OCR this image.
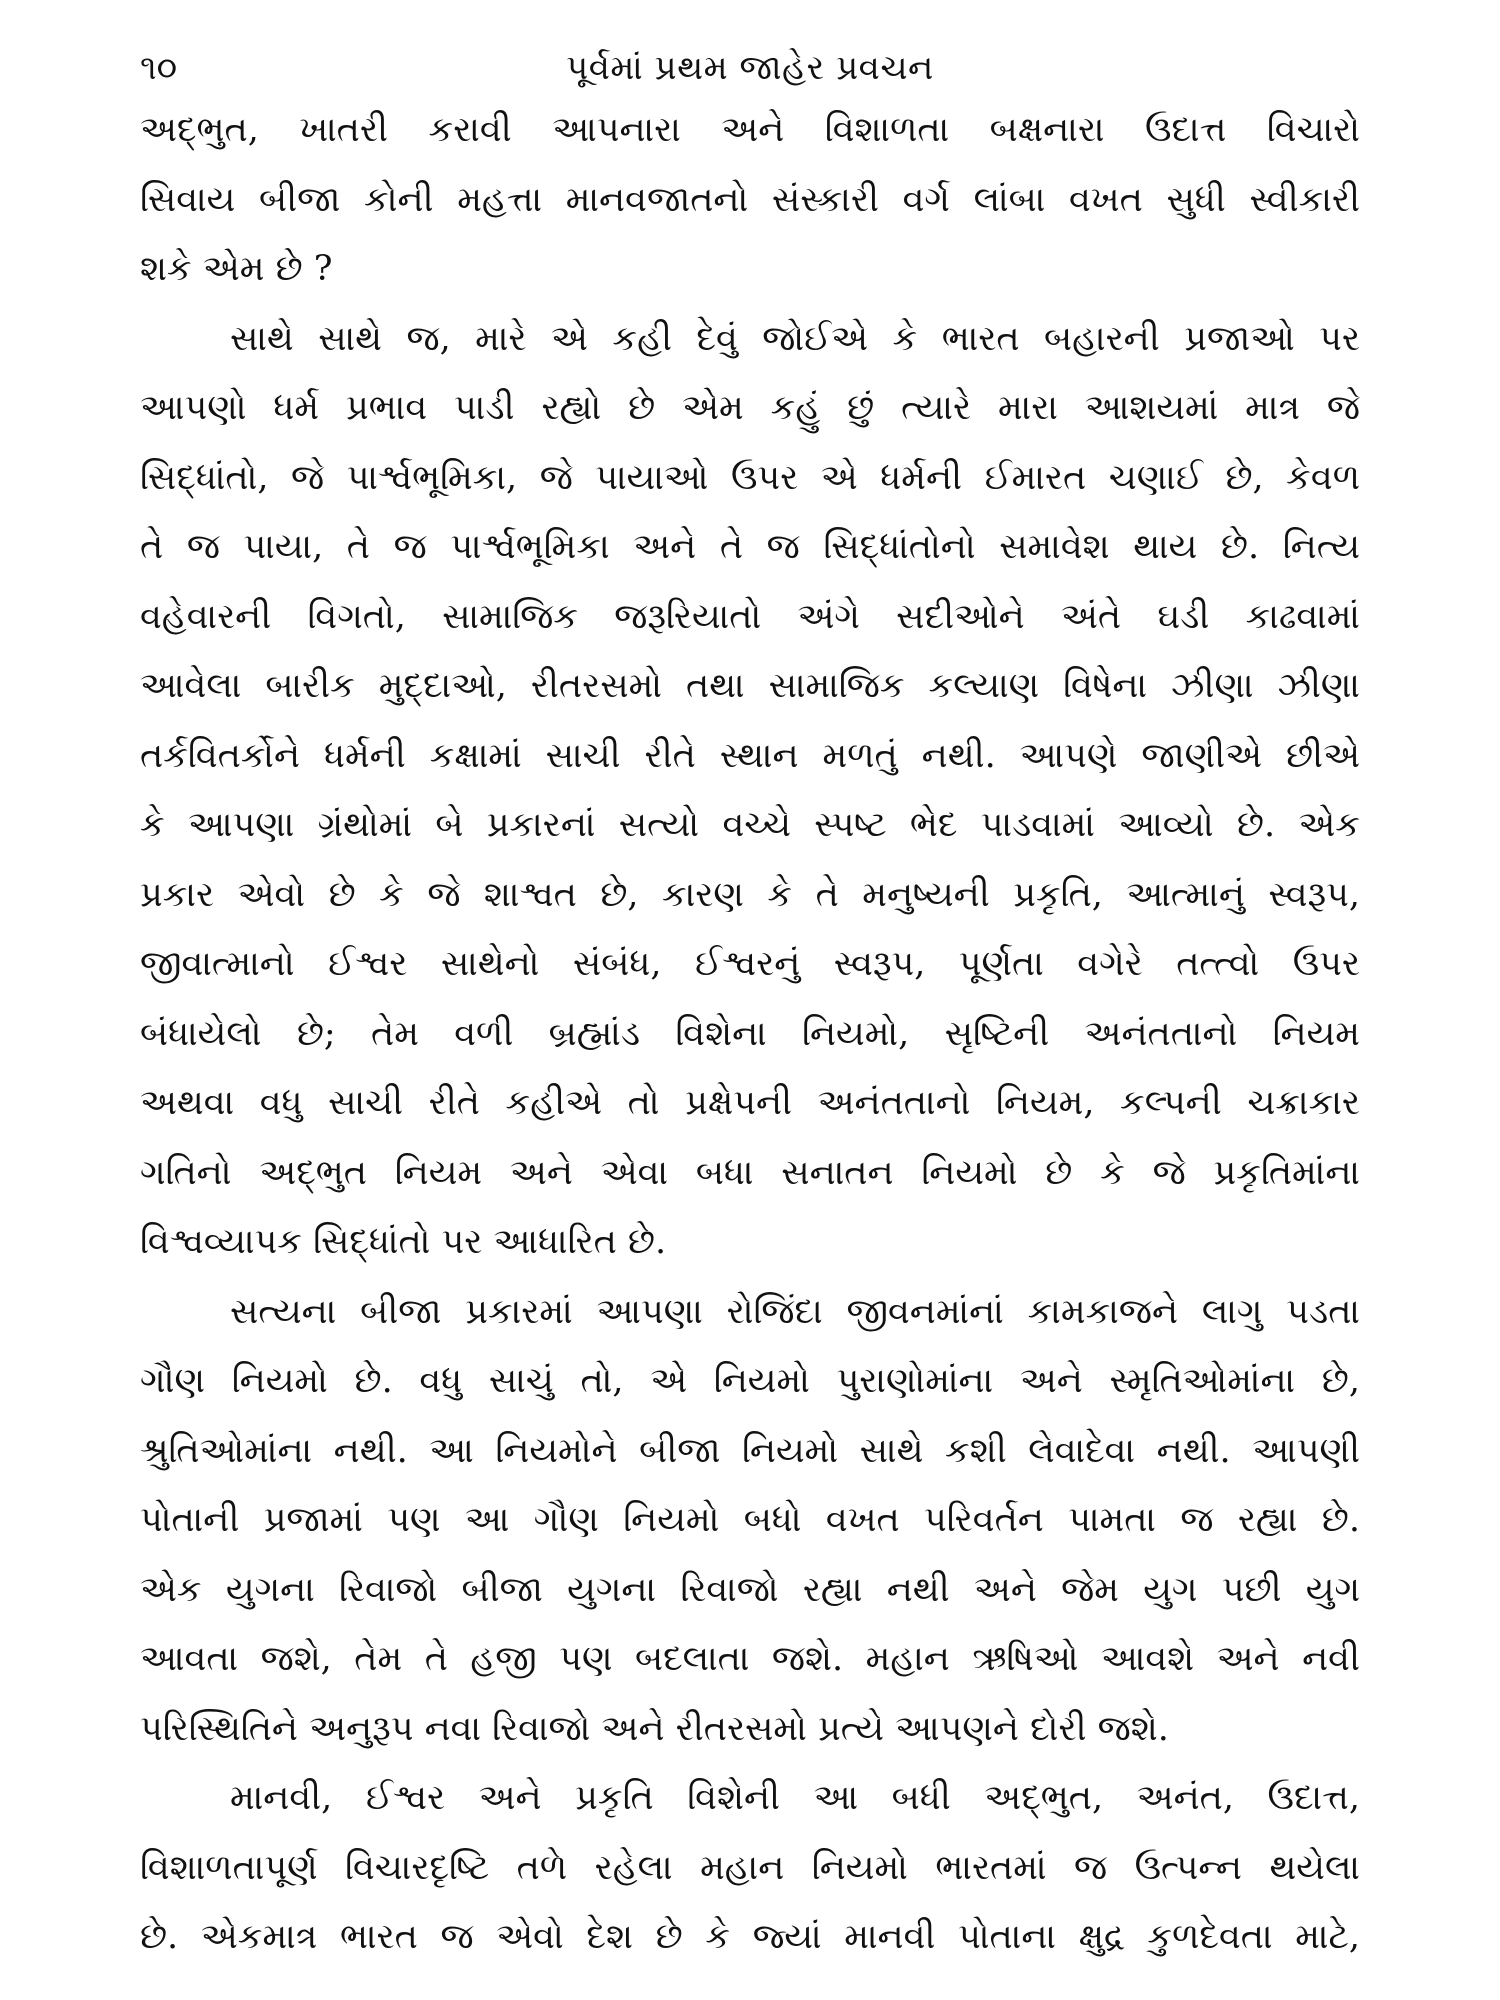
૧૦	પૂર્વમાં પ્રથમ જાહેર પ્રવચન
અદ્ભુત, ખાતરી કરાવી આપનારા અને વિશાળતા બક્ષનારા ઉદાત્ત વિચારો
સિવાય બીજા કોની મહત્તા માનવજાતનો સંસ્કારી વર્ગ લાંબા વખત સુધી સ્વીકારી
શકે એમ છે ?
સાથે સાથે જ, મારે એ કહી દેવું જોઈએ કે ભારત બહારની પ્રજાઓ પર
આપણો ધર્મ પ્રભાવ પાડી રહ્યો છે એમ કહું છું ત્યારે મારા આશયમાં માત્ર જે
સિદ્ધાંતો, જે પાર્શ્વભૂમિકા, જે પાયાઓ ઉપર એ ધર્મની ઈમારત ચણાઈ છે, કેવળ
તે જ પાયા, તે જ પાર્શ્વભૂમિકા અને તે જ સિદ્ધાંતોનો સમાવેશ થાય છે. નિત્ય
વહેવારની વિગતો, સામાજિક જરૂરિયાતો અંગે સદીઓને અંતે ઘડી કાઢવામાં
આવેલા બારીક મુદ્દાઓ, રીતરસમો તથા સામાજિક કલ્યાણ વિષેના ઝીણા ઝીણા
તર્કવિતર્કોને ધર્મની કક્ષામાં સાચી રીતે સ્થાન મળતું નથી. આપણે જાણીએ છીએ
કે આપણા ગ્રંથોમાં બે પ્રકારનાં સત્યો વચ્ચે સ્પષ્ટ ભેદ પાડવામાં આવ્યો છે. એક
પ્રકાર એવો છે કે જે શાશ્વત છે, કારણ કે તે મનુષ્યની પ્રકૃતિ, આત્માનું સ્વરૂપ,
જીવાત્માનો ઈશ્વર સાથેનો સંબંધ, ઈશ્વરનું સ્વરૂપ, પૂર્ણતા વગેરે તત્ત્વો ઉપર
બંધાયેલો છે; તેમ વળી બ્રહ્માંડ વિશેના નિયમો, સૃષ્ટિની અનંતતાનો નિયમ
અથવા વધુ સાચી રીતે કહીએ તો પ્રક્ષેપની અનંતતાનો નિયમ, કલ્પની ચક્રાકાર
ગતિનો અદ્ભુત નિયમ અને એવા બધા સનાતન નિયમો છે કે જે પ્રકૃતિમાંના
વિશ્વવ્યાપક સિદ્ધાંતો પર આધારિત છે.
સત્યના બીજા પ્રકારમાં આપણા રોજિંદા જીવનમાંનાં કામકાજને લાગુ પડતા
ગૌણ નિયમો છે. વધુ સાચું તો, એ નિયમો પુરાણોમાંના અને સ્મૃતિઓમાંના છે,
શ્રુતિઓમાંના નથી. આ નિયમોને બીજા નિયમો સાથે કશી લેવાદેવા નથી. આપણી
પોતાની પ્રજામાં પણ આ ગૌણ નિયમો બધો વખત પરિવર્તન પામતા જ રહ્યા છે.
એક યુગના રિવાજો બીજા યુગના રિવાજો રહ્યા નથી અને જેમ યુગ પછી યુગ
આવતા જશે, તેમ તે હજી પણ બદલાતા જશે. મહાન ઋષિઓ આવશે અને નવી
પરિસ્થિતિને અનુરૂપ નવા રિવાજો અને રીતરસમો પ્રત્યે આપણને દોરી જશે.
માનવી, ઈશ્વર અને પ્રકૃતિ વિશેની આ બધી અદ્ભુત, અનંત, ઉદાત્ત,
વિશાળતાપૂર્ણ વિચારદૃષ્ટિ તળે રહેલા મહાન નિયમો ભારતમાં જ ઉત્પન્ન થયેલા
છે. એકમાત્ર ભારત જ એવો દેશ છે કે જ્યાં માનવી પોતાના ક્ષુદ્ર કુળદેવતા માટે,
